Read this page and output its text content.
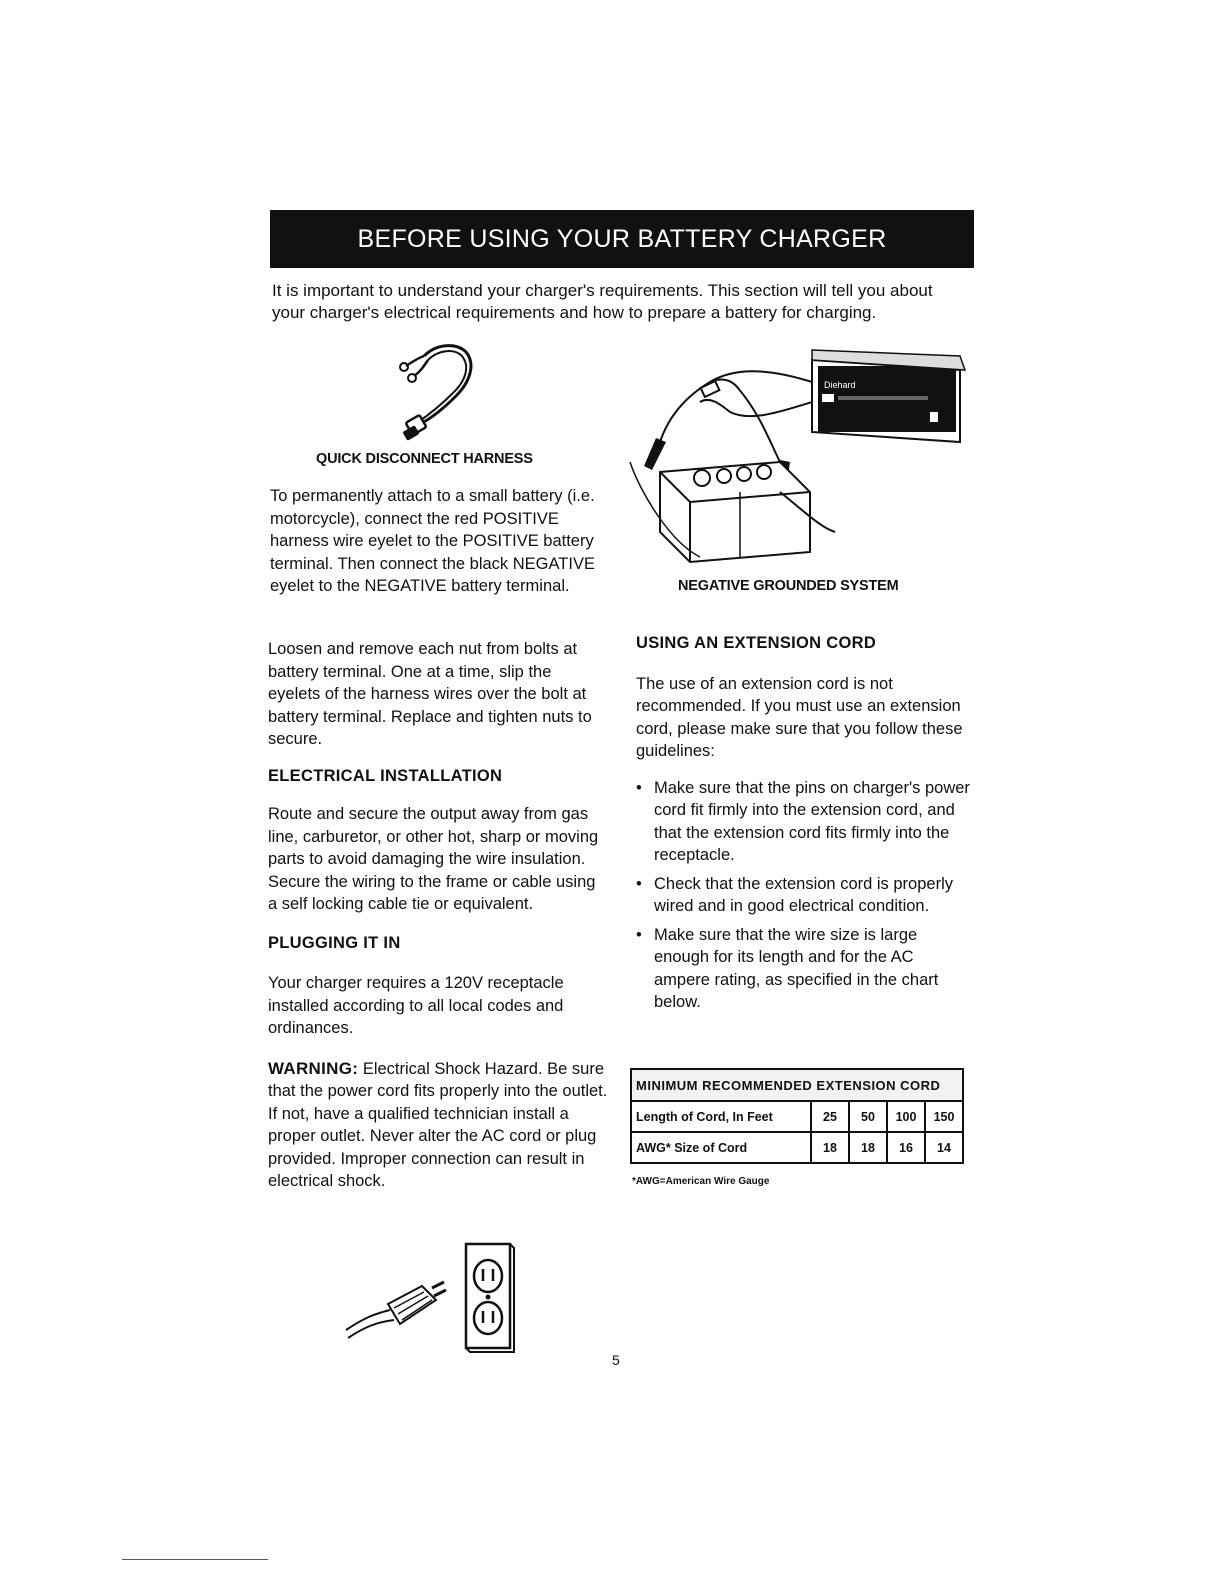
BEFORE USING YOUR BATTERY CHARGER
It is important to understand your charger's requirements. This section will tell you about your charger's electrical requirements and how to prepare a battery for charging.
QUICK DISCONNECT HARNESS
Diehard
NEGATIVE GROUNDED SYSTEM

To permanently attach to a small battery (i.e. motorcycle), connect the red POSITIVE harness wire eyelet to the POSITIVE battery terminal. Then connect the black NEGATIVE eyelet to the NEGATIVE battery terminal.

Loosen and remove each nut from bolts at battery terminal. One at a time, slip the eyelets of the harness wires over the bolt at battery terminal. Replace and tighten nuts to secure.

ELECTRICAL INSTALLATION

Route and secure the output away from gas line, carburetor, or other hot, sharp or moving parts to avoid damaging the wire insulation. Secure the wiring to the frame or cable using a self locking cable tie or equivalent.

PLUGGING IT IN

Your charger requires a 120V receptacle installed according to all local codes and ordinances.

WARNING: Electrical Shock Hazard. Be sure that the power cord fits properly into the outlet. If not, have a qualified technician install a proper outlet. Never alter the AC cord or plug provided. Improper connection can result in electrical shock.

USING AN EXTENSION CORD

The use of an extension cord is not recommended. If you must use an extension cord, please make sure that you follow these guidelines:

• Make sure that the pins on charger's power cord fit firmly into the extension cord, and that the extension cord fits firmly into the receptacle.
• Check that the extension cord is properly wired and in good electrical condition.
• Make sure that the wire size is large enough for its length and for the AC ampere rating, as specified in the chart below.
MINIMUM RECOMMENDED EXTENSION CORD				
Length of Cord, In Feet	25	50	100	150
AWG* Size of Cord	18	18	16	14
*AWG=American Wire Gauge
5
